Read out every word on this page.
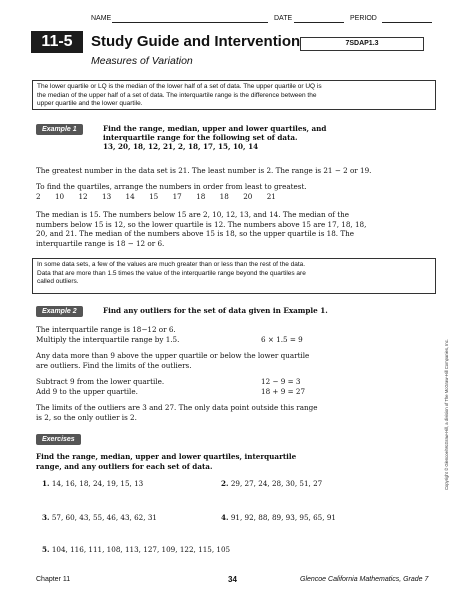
NAME	DATE	PERIOD
11-5	Study Guide and Intervention	7SDAP1.3
Measures of Variation
The lower quartile or LQ is the median of the lower half of a set of data. The upper quartile or UQ is
the median of the upper half of a set of data. The interquartile range is the difference between the
upper quartile and the lower quartile.
Example 1	Find the range, median, upper and lower quartiles, and
interquartile range for the following set of data.
13, 20, 18, 12, 21, 2, 18, 17, 15, 10, 14
The greatest number in the data set is 21. The least number is 2. The range is 21 − 2 or 19.
To find the quartiles, arrange the numbers in order from least to greatest.
2 10 12 13 14 15 17 18 18 20 21
The median is 15. The numbers below 15 are 2, 10, 12, 13, and 14. The median of the
numbers below 15 is 12, so the lower quartile is 12. The numbers above 15 are 17, 18, 18,
20, and 21. The median of the numbers above 15 is 18, so the upper quartile is 18. The
interquartile range is 18 − 12 or 6.
In some data sets, a few of the values are much greater than or less than the rest of the data.
Data that are more than 1.5 times the value of the interquartile range beyond the quartiles are
called outliers.
Example 2	Find any outliers for the set of data given in Example 1.
The interquartile range is 18−12 or 6.
Multiply the interquartile range by 1.5.	6 × 1.5 = 9
Any data more than 9 above the upper quartile or below the lower quartile
are outliers. Find the limits of the outliers.
Subtract 9 from the lower quartile.	12 − 9 = 3
Add 9 to the upper quartile.	18 + 9 = 27
The limits of the outliers are 3 and 27. The only data point outside this range
is 2, so the only outlier is 2.
Exercises
Find the range, median, upper and lower quartiles, interquartile
range, and any outliers for each set of data.
1. 14, 16, 18, 24, 19, 15, 13	2. 29, 27, 24, 28, 30, 51, 27
3. 57, 60, 43, 55, 46, 43, 62, 31	4. 91, 92, 88, 89, 93, 95, 65, 91
5. 104, 116, 111, 108, 113, 127, 109, 122, 115, 105
Chapter 11	34	Glencoe California Mathematics, Grade 7
Copyright © Glencoe/McGraw-Hill, a division of The McGraw-Hill Companies, Inc.
